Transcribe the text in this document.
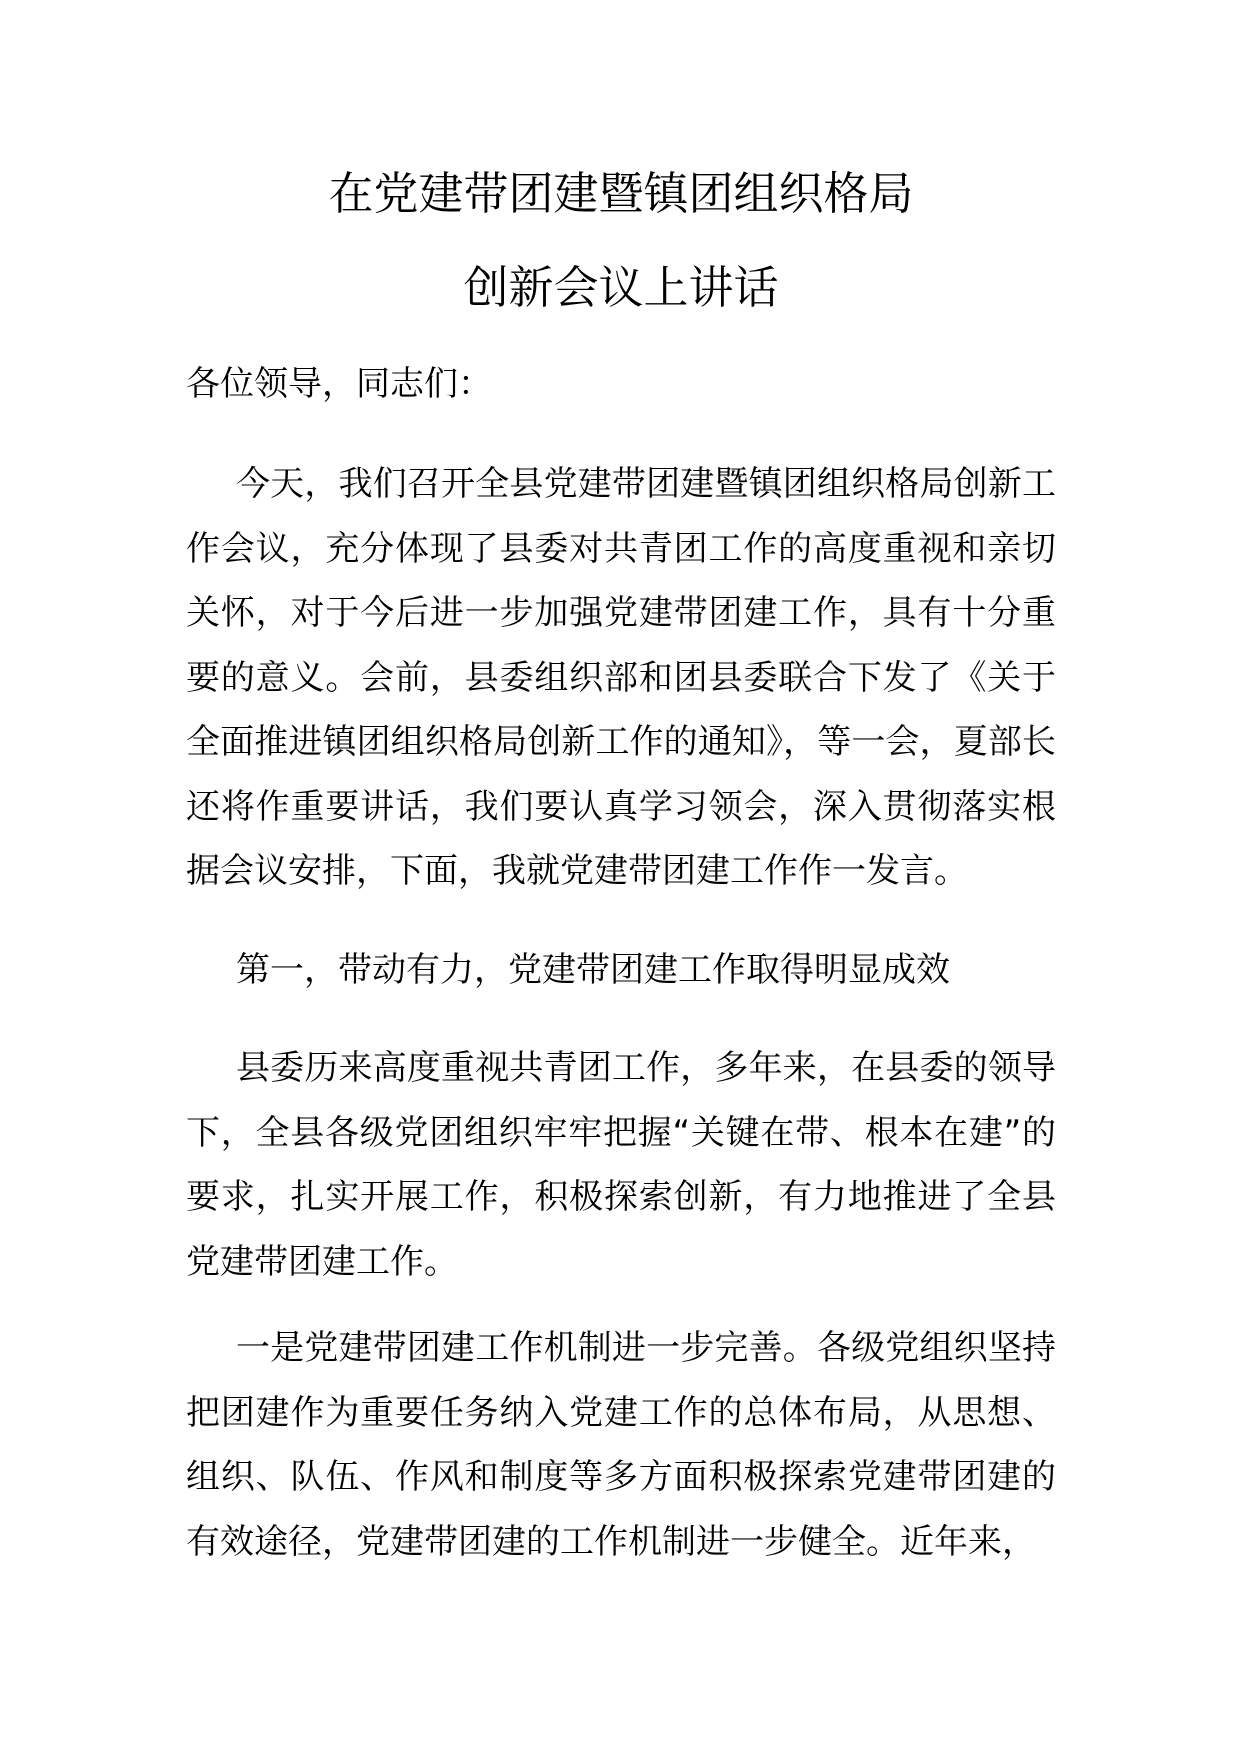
在党建带团建暨镇团组织格局
创新会议上讲话

各位领导，同志们：

今天，我们召开全县党建带团建暨镇团组织格局创新工作会议，充分体现了县委对共青团工作的高度重视和亲切关怀，对于今后进一步加强党建带团建工作，具有十分重要的意义。会前，县委组织部和团县委联合下发了《关于全面推进镇团组织格局创新工作的通知》，等一会，夏部长还将作重要讲话，我们要认真学习领会，深入贯彻落实根据会议安排，下面，我就党建带团建工作作一发言。

第一，带动有力，党建带团建工作取得明显成效

县委历来高度重视共青团工作，多年来，在县委的领导下，全县各级党团组织牢牢把握“关键在带、根本在建”的要求，扎实开展工作，积极探索创新，有力地推进了全县党建带团建工作。

一是党建带团建工作机制进一步完善。各级党组织坚持把团建作为重要任务纳入党建工作的总体布局，从思想、组织、队伍、作风和制度等多方面积极探索党建带团建的有效途径，党建带团建的工作机制进一步健全。近年来，
